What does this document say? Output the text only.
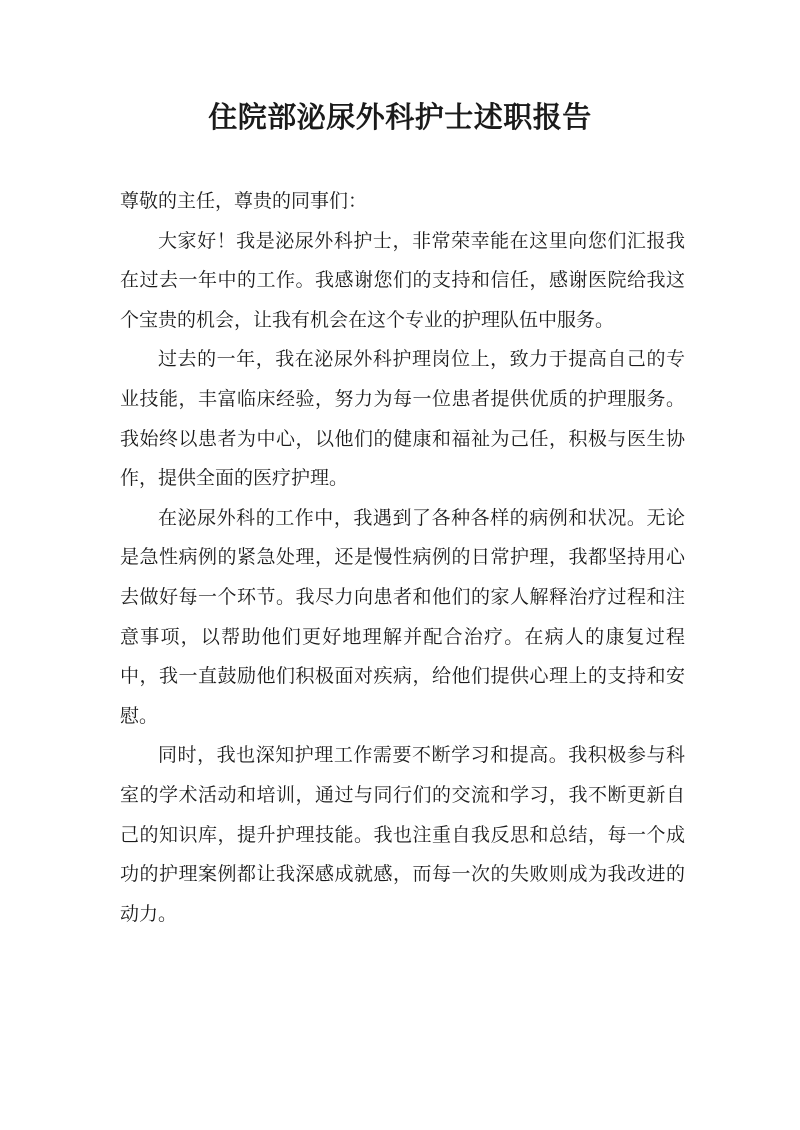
住院部泌尿外科护士述职报告

尊敬的主任，尊贵的同事们：

大家好！我是泌尿外科护士，非常荣幸能在这里向您们汇报我在过去一年中的工作。我感谢您们的支持和信任，感谢医院给我这个宝贵的机会，让我有机会在这个专业的护理队伍中服务。

过去的一年，我在泌尿外科护理岗位上，致力于提高自己的专业技能，丰富临床经验，努力为每一位患者提供优质的护理服务。我始终以患者为中心，以他们的健康和福祉为己任，积极与医生协作，提供全面的医疗护理。

在泌尿外科的工作中，我遇到了各种各样的病例和状况。无论是急性病例的紧急处理，还是慢性病例的日常护理，我都坚持用心去做好每一个环节。我尽力向患者和他们的家人解释治疗过程和注意事项，以帮助他们更好地理解并配合治疗。在病人的康复过程中，我一直鼓励他们积极面对疾病，给他们提供心理上的支持和安慰。

同时，我也深知护理工作需要不断学习和提高。我积极参与科室的学术活动和培训，通过与同行们的交流和学习，我不断更新自己的知识库，提升护理技能。我也注重自我反思和总结，每一个成功的护理案例都让我深感成就感，而每一次的失败则成为我改进的动力。
